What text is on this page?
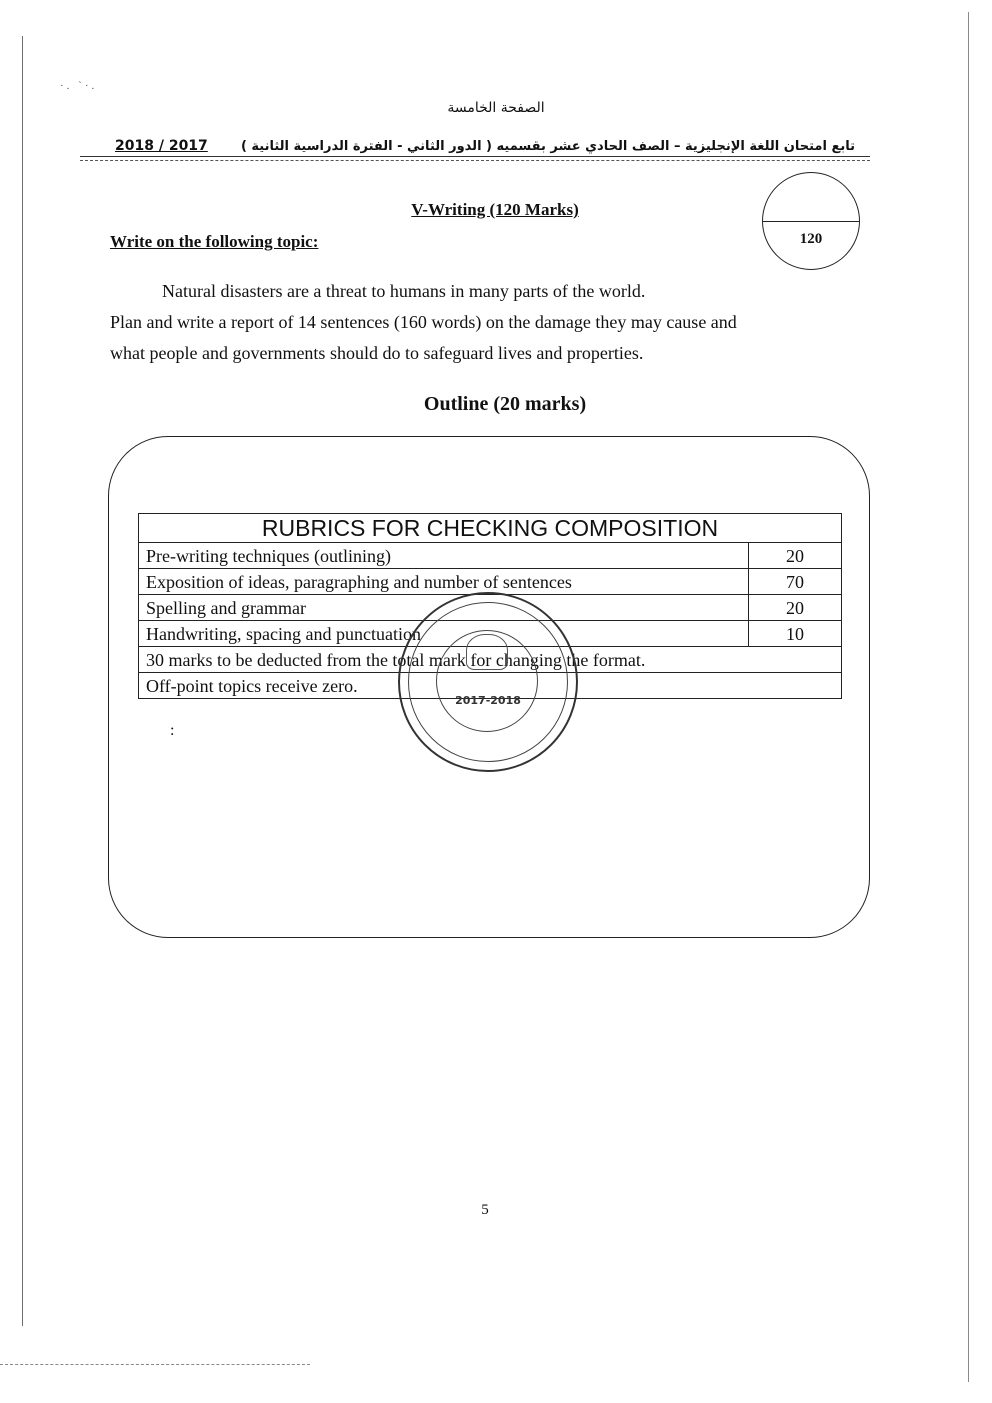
·. ˋ·.
الصفحة الخامسة
2018 / 2017	تابع امتحان اللغة الإنجليزية – الصف الحادي عشر بقسميه ( الدور الثاني - الفترة الدراسية الثانية )
V-Writing (120 Marks)
Write on the following topic:	120
Natural disasters are a threat to humans in many parts of the world.
Plan and write a report of 14 sentences (160 words) on the damage they may cause and
what people and governments should do to safeguard lives and properties.
Outline (20 marks)
RUBRICS FOR CHECKING COMPOSITION	
Pre-writing techniques (outlining)	20
Exposition of ideas, paragraphing and number of sentences	70
Spelling and grammar	20
Handwriting, spacing and punctuation	10
30 marks to be deducted from the total mark for changing the format.	
Off-point topics receive zero.	
2017-2018
:
5
